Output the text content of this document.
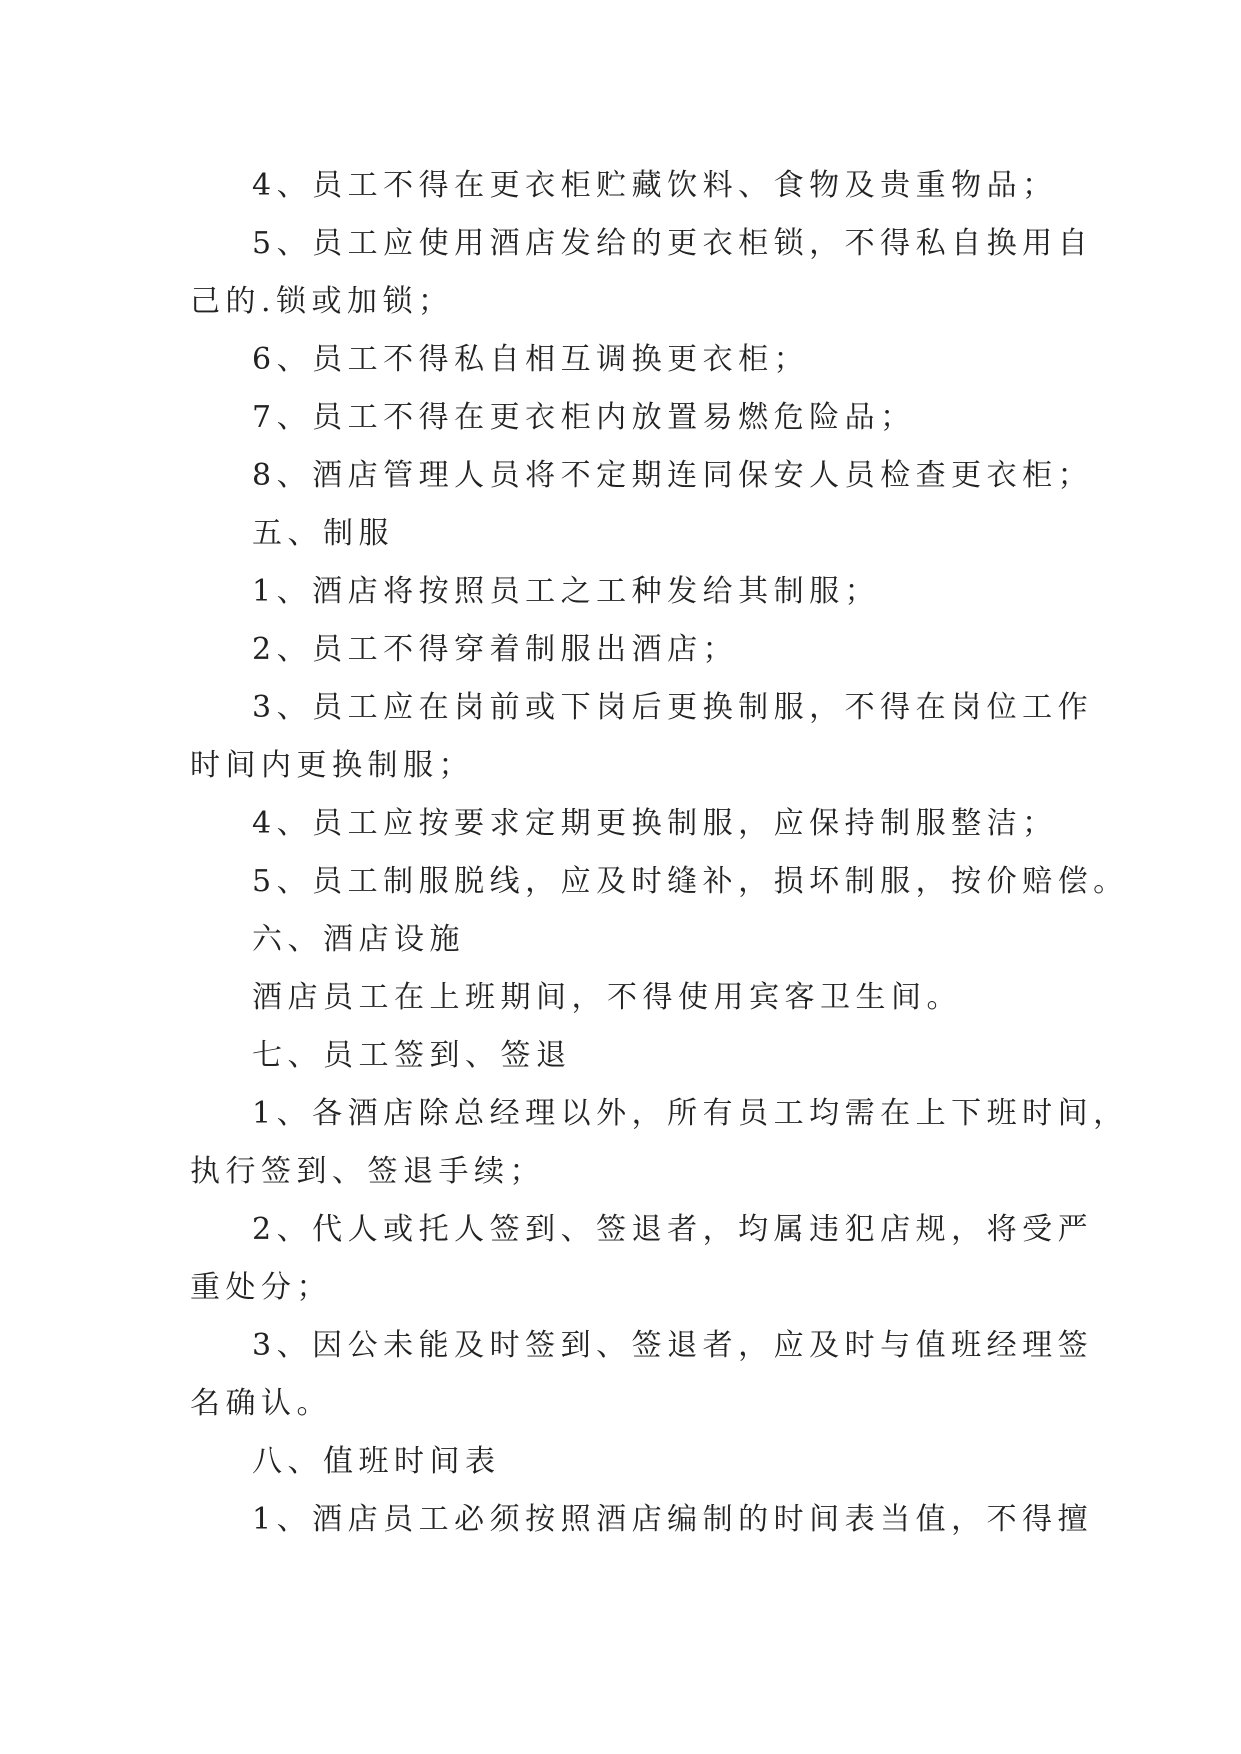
4、员工不得在更衣柜贮藏饮料、食物及贵重物品；
5、员工应使用酒店发给的更衣柜锁，不得私自换用自
己的.锁或加锁；
6、员工不得私自相互调换更衣柜；
7、员工不得在更衣柜内放置易燃危险品；
8、酒店管理人员将不定期连同保安人员检查更衣柜；
五、制服
1、酒店将按照员工之工种发给其制服；
2、员工不得穿着制服出酒店；
3、员工应在岗前或下岗后更换制服，不得在岗位工作
时间内更换制服；
4、员工应按要求定期更换制服，应保持制服整洁；
5、员工制服脱线，应及时缝补，损坏制服，按价赔偿。
六、酒店设施
酒店员工在上班期间，不得使用宾客卫生间。
七、员工签到、签退
1、各酒店除总经理以外，所有员工均需在上下班时间，
执行签到、签退手续；
2、代人或托人签到、签退者，均属违犯店规，将受严
重处分；
3、因公未能及时签到、签退者，应及时与值班经理签
名确认。
八、值班时间表
1、酒店员工必须按照酒店编制的时间表当值，不得擅
